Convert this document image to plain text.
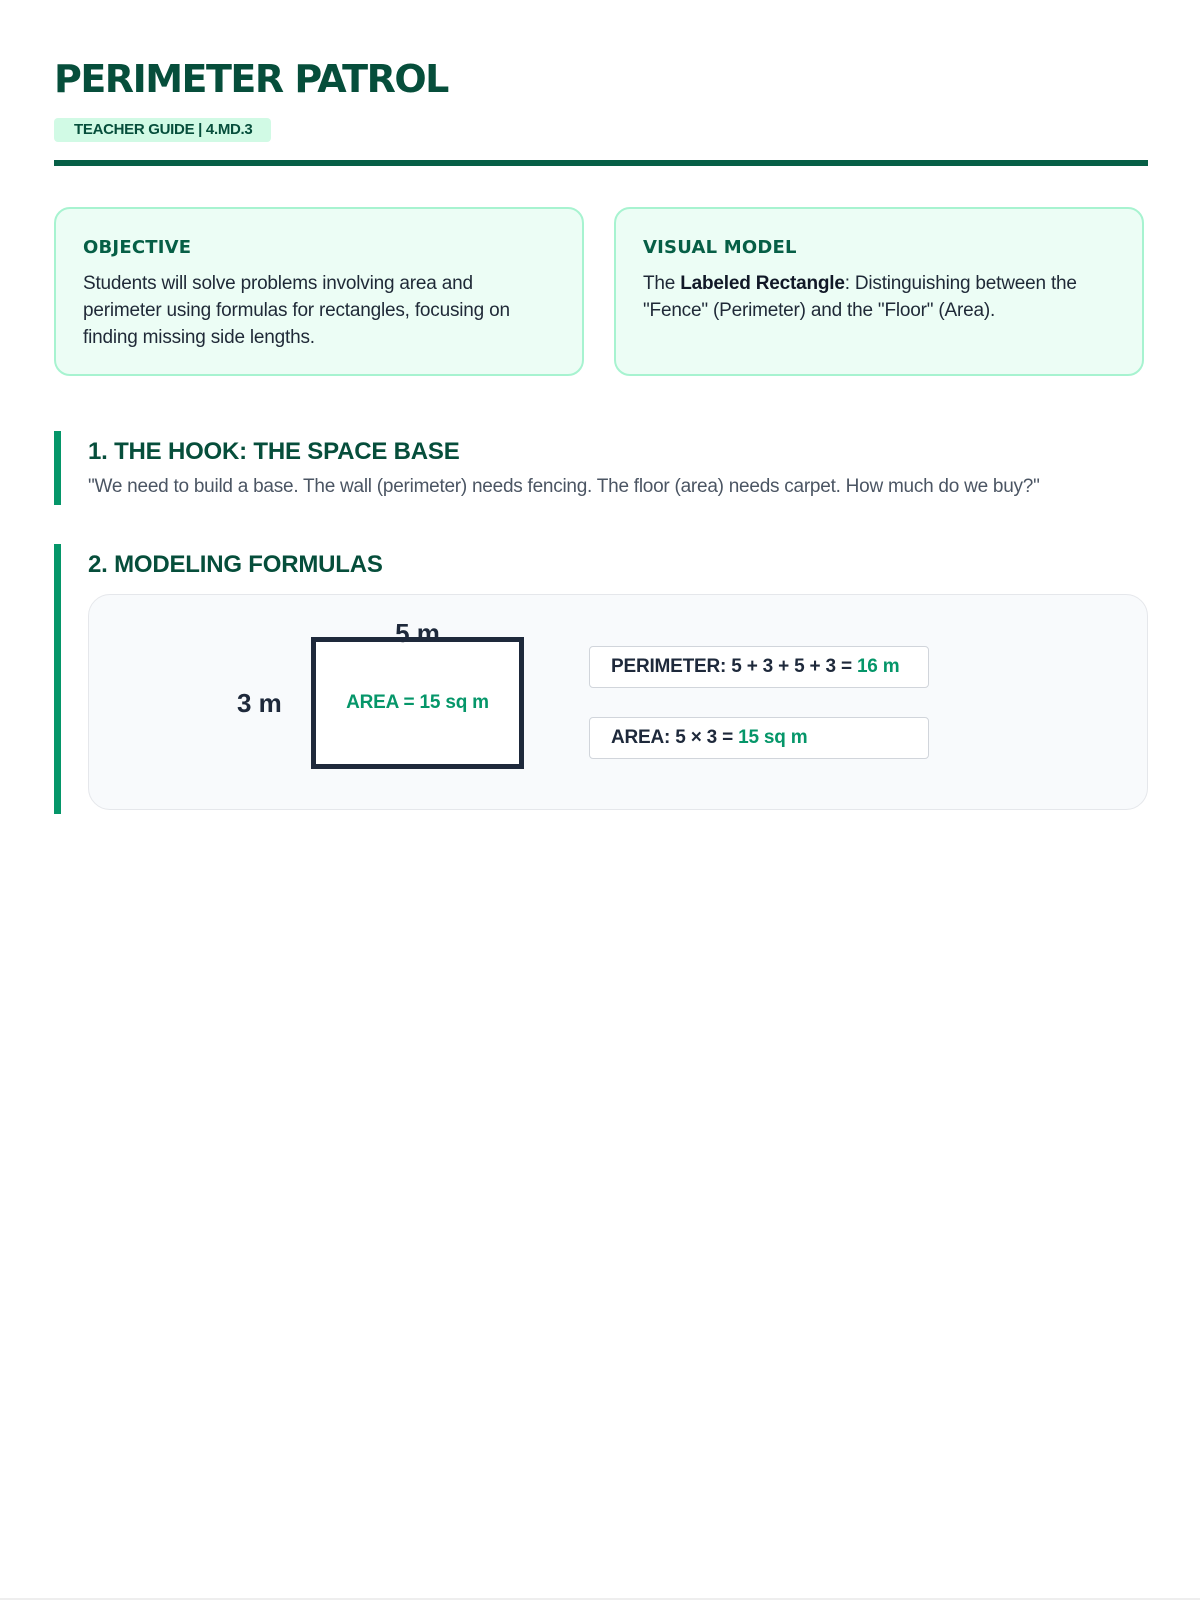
PERIMETER PATROL
TEACHER GUIDE | 4.MD.3
OBJECTIVE

Students will solve problems involving area and perimeter using formulas for rectangles, focusing on finding missing side lengths.

VISUAL MODEL

The Labeled Rectangle: Distinguishing between the "Fence" (Perimeter) and the "Floor" (Area).

1. THE HOOK: THE SPACE BASE

"We need to build a base. The wall (perimeter) needs fencing. The floor (area) needs carpet. How much do we buy?"

2. MODELING FORMULAS
3 m	AREA = 15 sq m
5 m
PERIMETER: 5 + 3 + 5 + 3 = 16 m
AREA: 5 × 3 = 15 sq m
